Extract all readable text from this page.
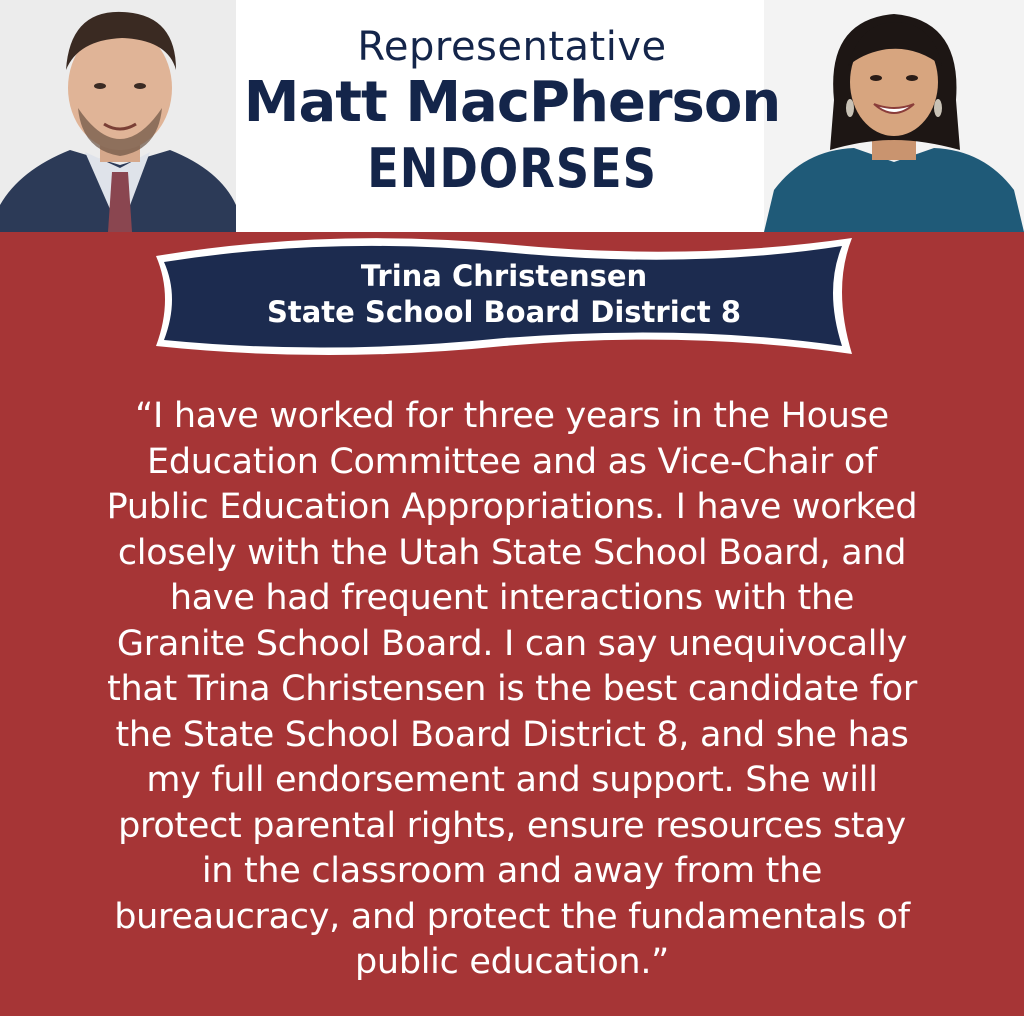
Representative
Matt MacPherson
ENDORSES
Trina Christensen
State School Board District 8
“I have worked for three years in the House
Education Committee and as Vice-Chair of
Public Education Appropriations. I have worked
closely with the Utah State School Board, and
have had frequent interactions with the
Granite School Board. I can say unequivocally
that Trina Christensen is the best candidate for
the State School Board District 8, and she has
my full endorsement and support. She will
protect parental rights, ensure resources stay
in the classroom and away from the
bureaucracy, and protect the fundamentals of
public education.”
